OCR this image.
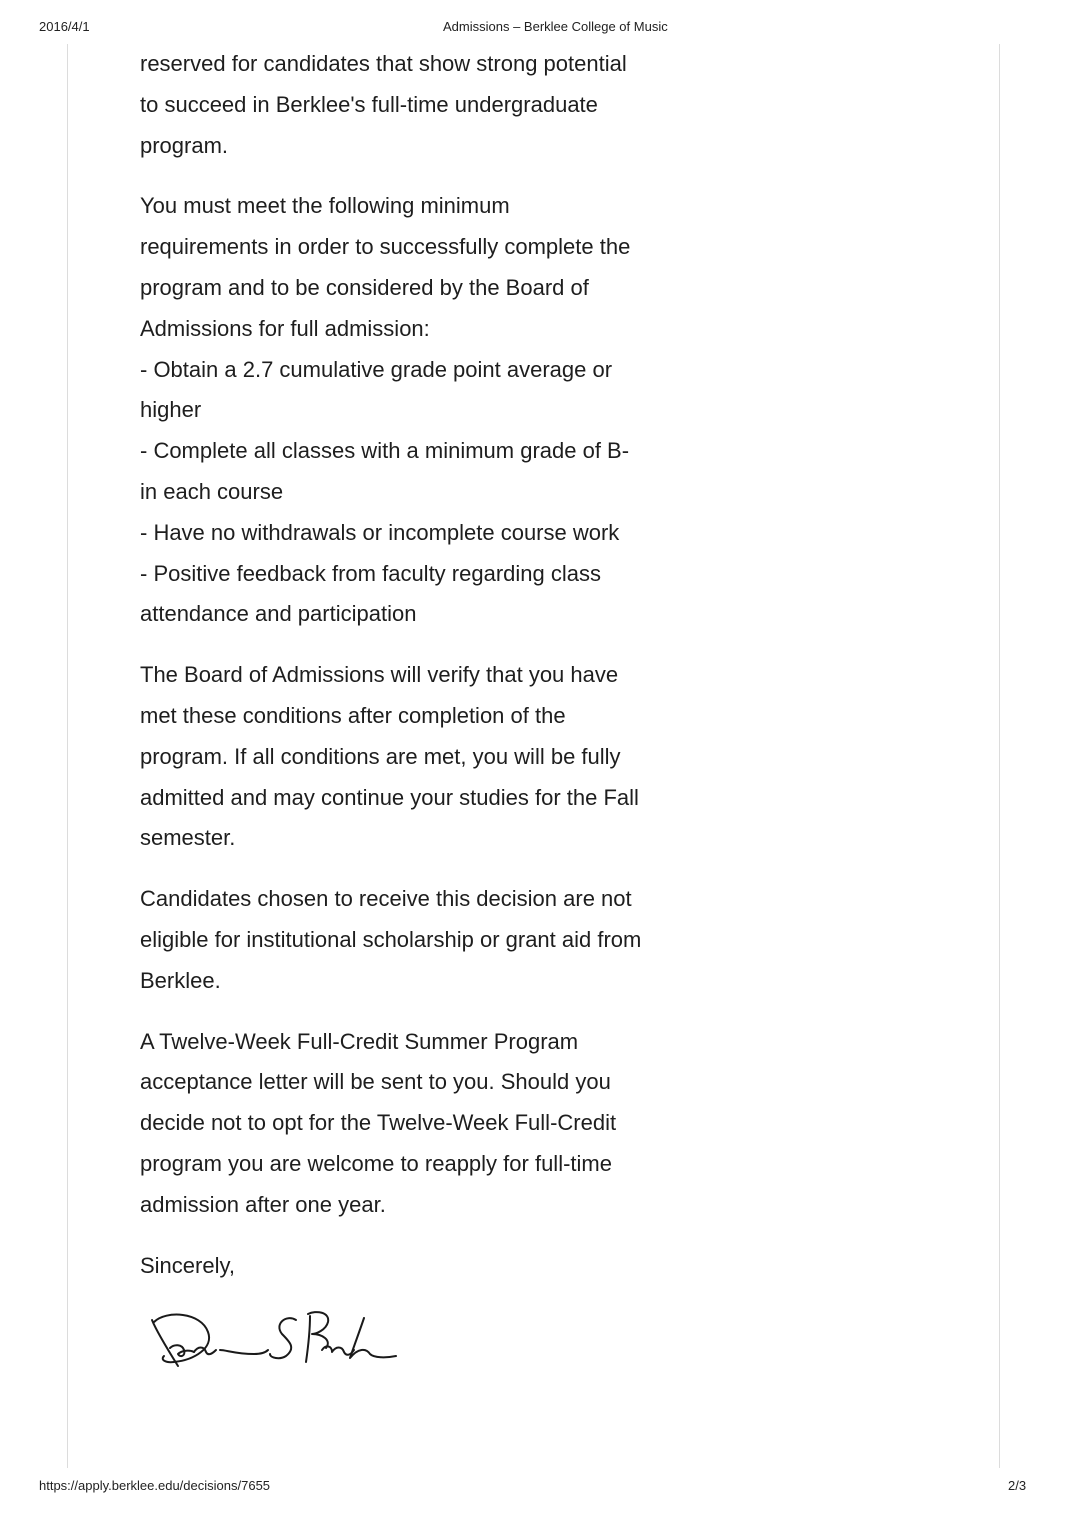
2016/4/1	Admissions – Berklee College of Music
reserved for candidates that show strong potential
to succeed in Berklee's full-time undergraduate
program.
You must meet the following minimum
requirements in order to successfully complete the
program and to be considered by the Board of
Admissions for full admission:
- Obtain a 2.7 cumulative grade point average or
higher
- Complete all classes with a minimum grade of B-
in each course
- Have no withdrawals or incomplete course work
- Positive feedback from faculty regarding class
attendance and participation
The Board of Admissions will verify that you have
met these conditions after completion of the
program. If all conditions are met, you will be fully
admitted and may continue your studies for the Fall
semester.
Candidates chosen to receive this decision are not
eligible for institutional scholarship or grant aid from
Berklee.
A Twelve-Week Full-Credit Summer Program
acceptance letter will be sent to you. Should you
decide not to opt for the Twelve-Week Full-Credit
program you are welcome to reapply for full-time
admission after one year.
Sincerely,
https://apply.berklee.edu/decisions/7655	2/3
